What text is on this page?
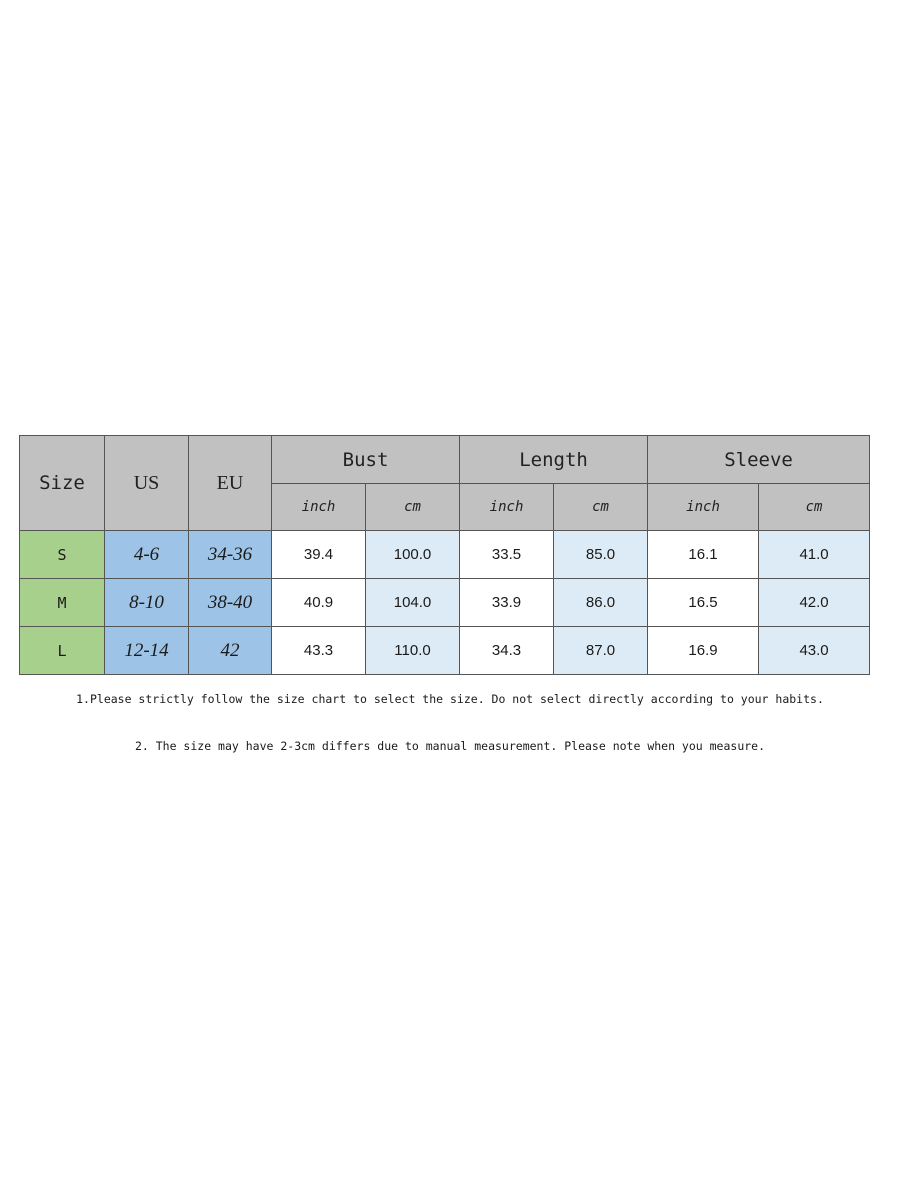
Size	US	EU	Bust		Length		Sleeve	
			inch	cm	inch	cm	inch	cm
S	4-6	34-36	39.4	100.0	33.5	85.0	16.1	41.0
M	8-10	38-40	40.9	104.0	33.9	86.0	16.5	42.0
L	12-14	42	43.3	110.0	34.3	87.0	16.9	43.0

1.Please strictly follow the size chart to select the size. Do not select directly according to your habits.

2. The size may have 2-3cm differs due to manual measurement. Please note when you measure.
